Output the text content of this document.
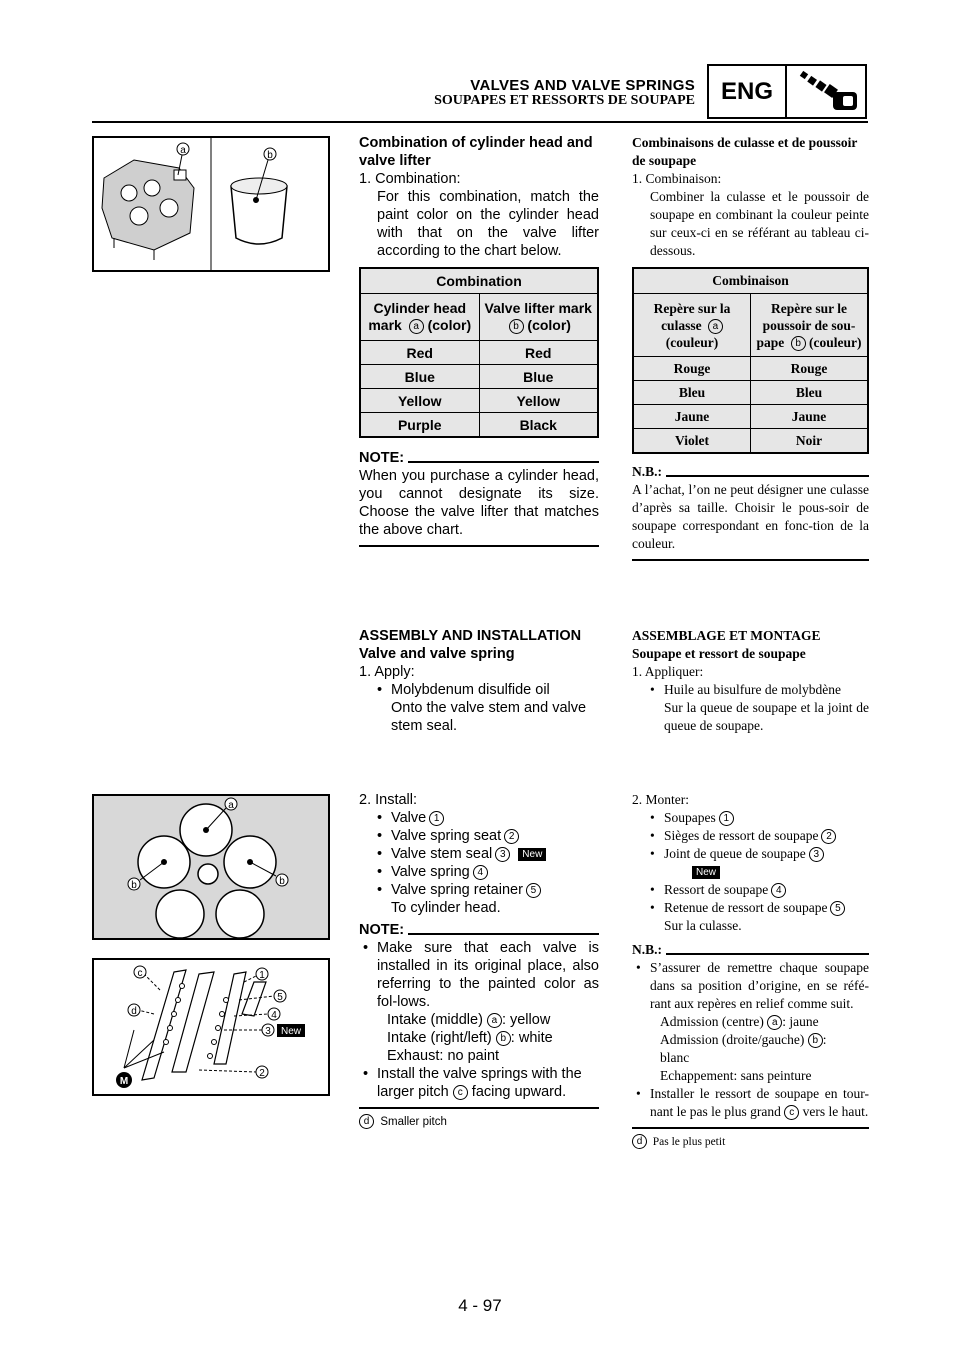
VALVES AND VALVE SPRINGS
SOUPAPES ET RESSORTS DE SOUPAPE	ENG
a	b
Combination of cylinder head and valve lifter
1. Combination:
For this combination, match the paint color on the cylinder head with that on the valve lifter according to the chart below.
Combination	
Cylinder head mark a (color)	Valve lifter mark b (color)
Red	Red
Blue	Blue
Yellow	Yellow
Purple	Black
NOTE:
When you purchase a cylinder head, you cannot designate its size. Choose the valve lifter that matches the above chart.
Combinaisons de culasse et de poussoir de soupape
1. Combinaison:
Combiner la culasse et le poussoir de soupape en combinant la couleur peinte sur ceux-ci en se référant au tableau ci-dessous.
Combinaison	
Repère sur la culasse a (couleur)	Repère sur le poussoir de sou-pape b (couleur)
Rouge	Rouge
Bleu	Bleu
Jaune	Jaune
Violet	Noir
N.B.:
A l’achat, l’on ne peut désigner une culasse d’après sa taille. Choisir le pous-soir de soupape correspondant en fonc-tion de la couleur.
ASSEMBLY AND INSTALLATION
Valve and valve spring
1. Apply:
• Molybdenum disulfide oil
Onto the valve stem and valve stem seal.
ASSEMBLAGE ET MONTAGE
Soupape et ressort de soupape
1. Appliquer:
• Huile au bisulfure de molybdène
Sur la queue de soupape et la joint de queue de soupape.
a
b	b
1
5
4
3
2
c
d
New
M
2. Install:
• Valve 1
• Valve spring seat 2
• Valve stem seal 3 New
• Valve spring 4
• Valve spring retainer 5
To cylinder head.
NOTE:
• Make sure that each valve is installed in its original place, also referring to the painted color as fol-lows.
Intake (middle) a : yellow
Intake (right/left) b : white
Exhaust: no paint
• Install the valve springs with the larger pitch c facing upward.
d Smaller pitch
2. Monter:
• Soupapes 1
• Sièges de ressort de soupape 2
• Joint de queue de soupape 3
New
• Ressort de soupape 4
• Retenue de ressort de soupape 5
Sur la culasse.
N.B.:
• S’assurer de remettre chaque soupape dans sa position d’origine, en se réfé-rant aux repères en relief comme suit.
Admission (centre) a : jaune
Admission (droite/gauche) b :
blanc
Echappement: sans peinture
• Installer le ressort de soupape en tour-nant le pas le plus grand c vers le haut.
d Pas le plus petit
4 - 97
